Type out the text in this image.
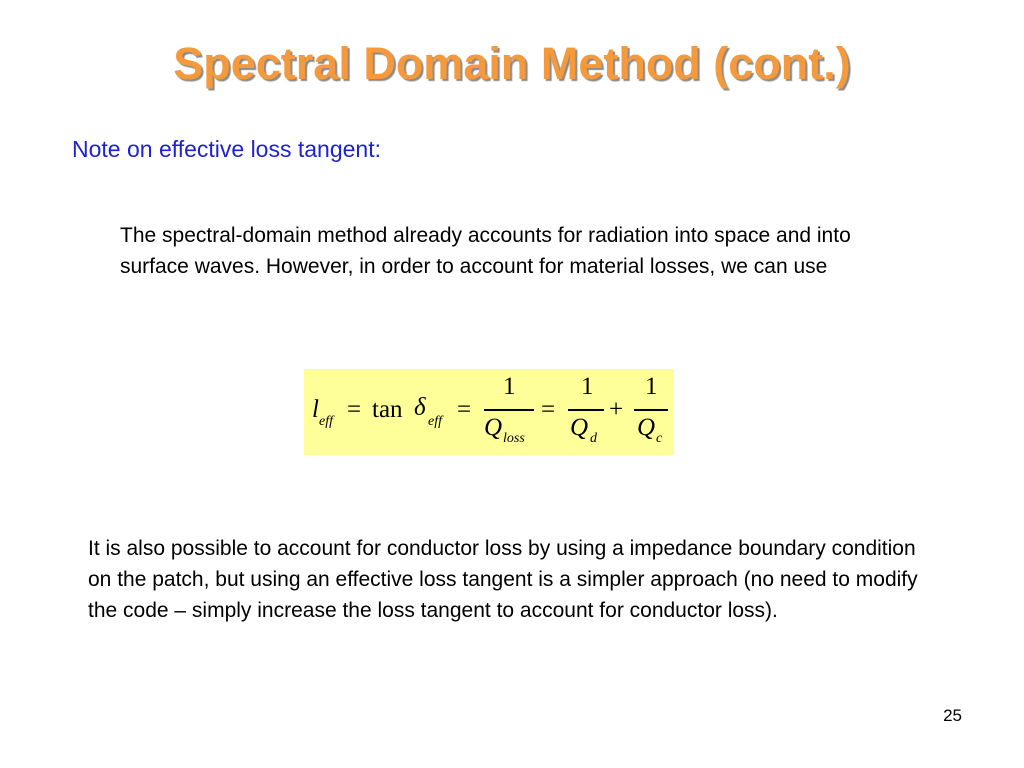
Spectral Domain Method (cont.)
Note on effective loss tangent:
The spectral-domain method already accounts for radiation into space and into surface waves. However, in order to account for material losses, we can use
l eff = tan δ
eff =
1
Q loss
=
1
Q d
+
1
Q c
It is also possible to account for conductor loss by using a impedance boundary condition on the patch, but using an effective loss tangent is a simpler approach (no need to modify the code – simply increase the loss tangent to account for conductor loss).
25
